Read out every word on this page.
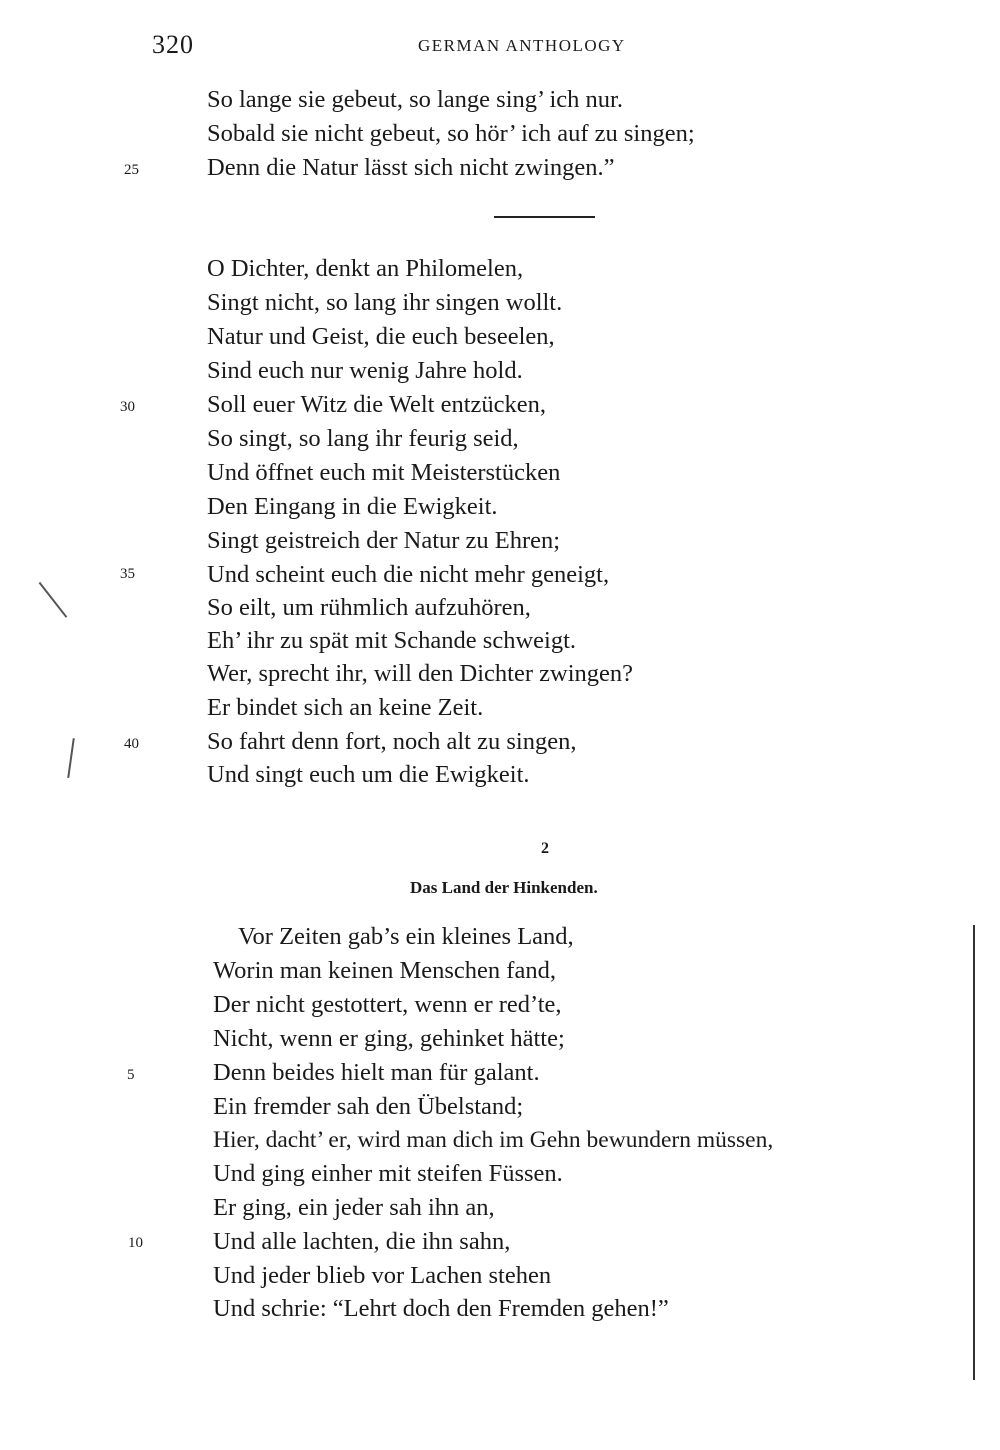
320	GERMAN ANTHOLOGY
So lange sie gebeut, so lange sing’ ich nur.
Sobald sie nicht gebeut, so hör’ ich auf zu singen;
Denn die Natur lässt sich nicht zwingen.”
25
O Dichter, denkt an Philomelen,
Singt nicht, so lang ihr singen wollt.
Natur und Geist, die euch beseelen,
Sind euch nur wenig Jahre hold.
Soll euer Witz die Welt entzücken,
So singt, so lang ihr feurig seid,
Und öffnet euch mit Meisterstücken
Den Eingang in die Ewigkeit.
Singt geistreich der Natur zu Ehren;
Und scheint euch die nicht mehr geneigt,
So eilt, um rühmlich aufzuhören,
Eh’ ihr zu spät mit Schande schweigt.
Wer, sprecht ihr, will den Dichter zwingen?
Er bindet sich an keine Zeit.
So fahrt denn fort, noch alt zu singen,
Und singt euch um die Ewigkeit.
30
35
40
2
Das Land der Hinkenden.
Vor Zeiten gab’s ein kleines Land,
Worin man keinen Menschen fand,
Der nicht gestottert, wenn er red’te,
Nicht, wenn er ging, gehinket hätte;
Denn beides hielt man für galant.
Ein fremder sah den Übelstand;
Hier, dacht’ er, wird man dich im Gehn bewundern müssen,
Und ging einher mit steifen Füssen.
Er ging, ein jeder sah ihn an,
Und alle lachten, die ihn sahn,
Und jeder blieb vor Lachen stehen
Und schrie: “Lehrt doch den Fremden gehen!”
5
10
